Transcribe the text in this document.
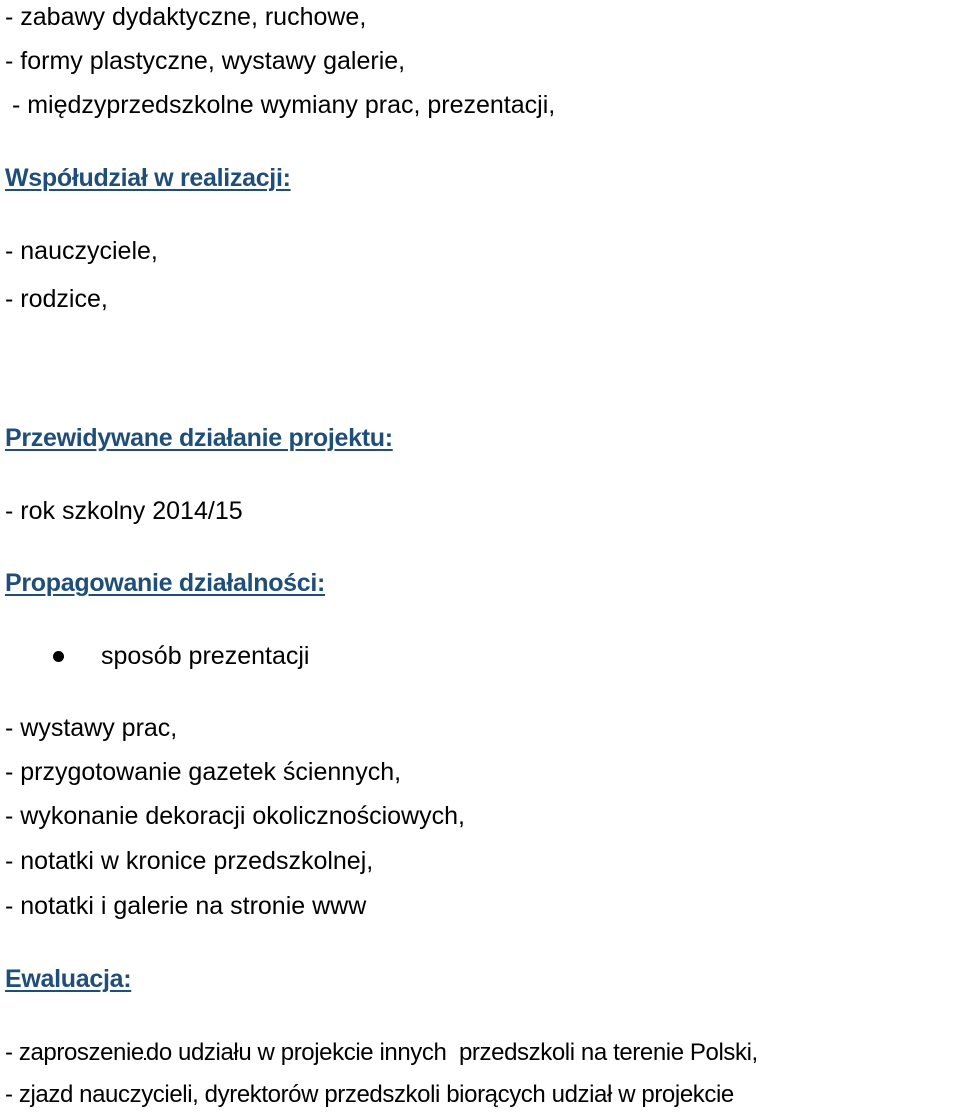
- zabawy dydaktyczne, ruchowe,
- formy plastyczne, wystawy galerie,
- międzyprzedszkolne wymiany prac, prezentacji,
Współudział w realizacji:
- nauczyciele,
- rodzice,
Przewidywane działanie projektu:
- rok szkolny 2014/15
Propagowanie działalności:
sposób prezentacji
- wystawy prac,
- przygotowanie gazetek ściennych,
- wykonanie dekoracji okolicznościowych,
- notatki w kronice przedszkolnej,
- notatki i galerie na stronie www
Ewaluacja:
- zaproszeniedo udziału w projekcie innych  przedszkoli na terenie Polski,
- zjazd nauczycieli, dyrektorów przedszkoli biorących udział w projekcie
